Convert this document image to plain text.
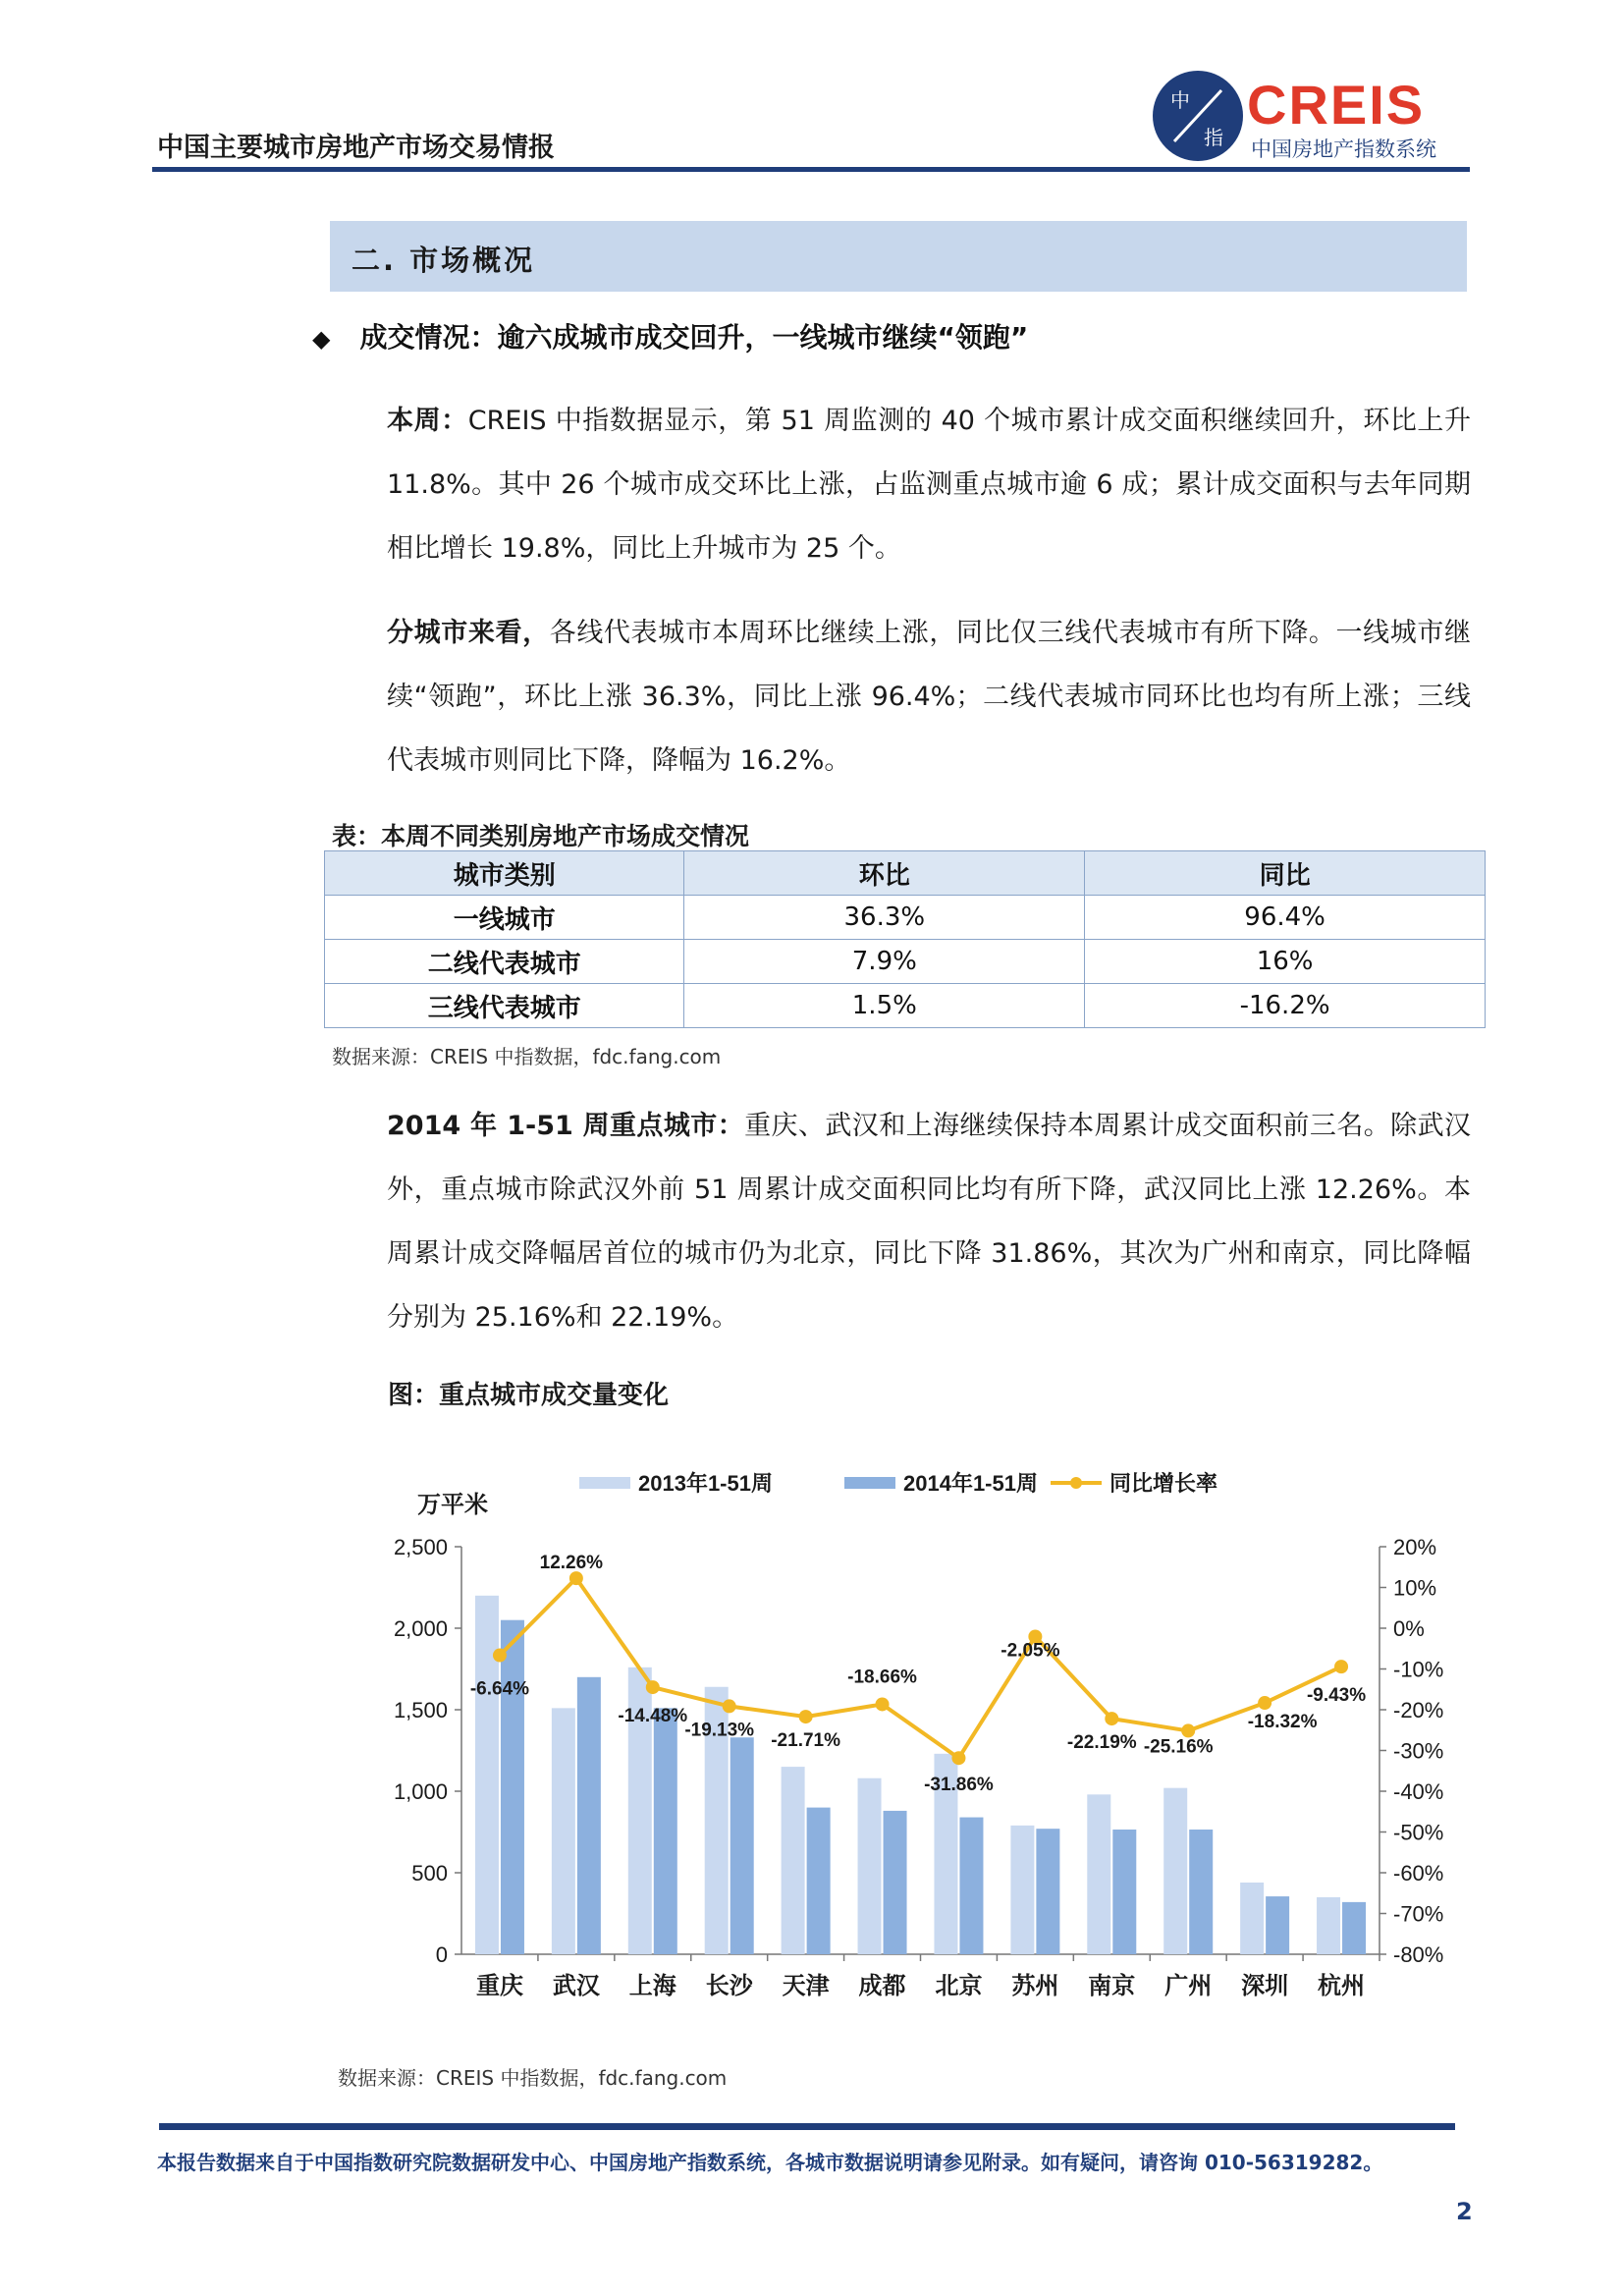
中国主要城市房地产市场交易情报
中
指
CREIS
中国房地产指数系统
二. 市场概况
◆ 成交情况：逾六成城市成交回升，一线城市继续“领跑”
本周：CREIS 中指数据显示，第 51 周监测的 40 个城市累计成交面积继续回升，环比上升 11.8%。其中 26 个城市成交环比上涨，占监测重点城市逾 6 成；累计成交面积与去年同期相比增长 19.8%，同比上升城市为 25 个。
分城市来看，各线代表城市本周环比继续上涨，同比仅三线代表城市有所下降。一线城市继续“领跑”，环比上涨 36.3%，同比上涨 96.4%；二线代表城市同环比也均有所上涨；三线代表城市则同比下降，降幅为 16.2%。
表：本周不同类别房地产市场成交情况
城市类别	环比	同比
一线城市	36.3%	96.4%
二线代表城市	7.9%	16%
三线代表城市	1.5%	-16.2%
数据来源：CREIS 中指数据，fdc.fang.com
2014 年 1-51 周重点城市：重庆、武汉和上海继续保持本周累计成交面积前三名。除武汉外，重点城市除武汉外前 51 周累计成交面积同比均有所下降，武汉同比上涨 12.26%。本周累计成交降幅居首位的城市仍为北京，同比下降 31.86%，其次为广州和南京，同比降幅分别为 25.16%和 22.19%。
图：重点城市成交量变化
2013年1-51周	2014年1-51周	同比增长率
万平米
0
500
1,000
1,500
2,000
2,500
-80%
-70%
-60%
-50%
-40%
-30%
-20%
-10%
0%
10%
20%
重庆 武汉 上海 长沙 天津 成都 北京 苏州 南京 广州 深圳 杭州
-6.64%
12.26%
-14.48%
-19.13%
-21.71%
-18.66%
-31.86%
-2.05%
-22.19% -25.16%
-18.32%
-9.43%
数据来源：CREIS 中指数据，fdc.fang.com
本报告数据来自于中国指数研究院数据研发中心、中国房地产指数系统，各城市数据说明请参见附录。如有疑问，请咨询 010-56319282。
2
